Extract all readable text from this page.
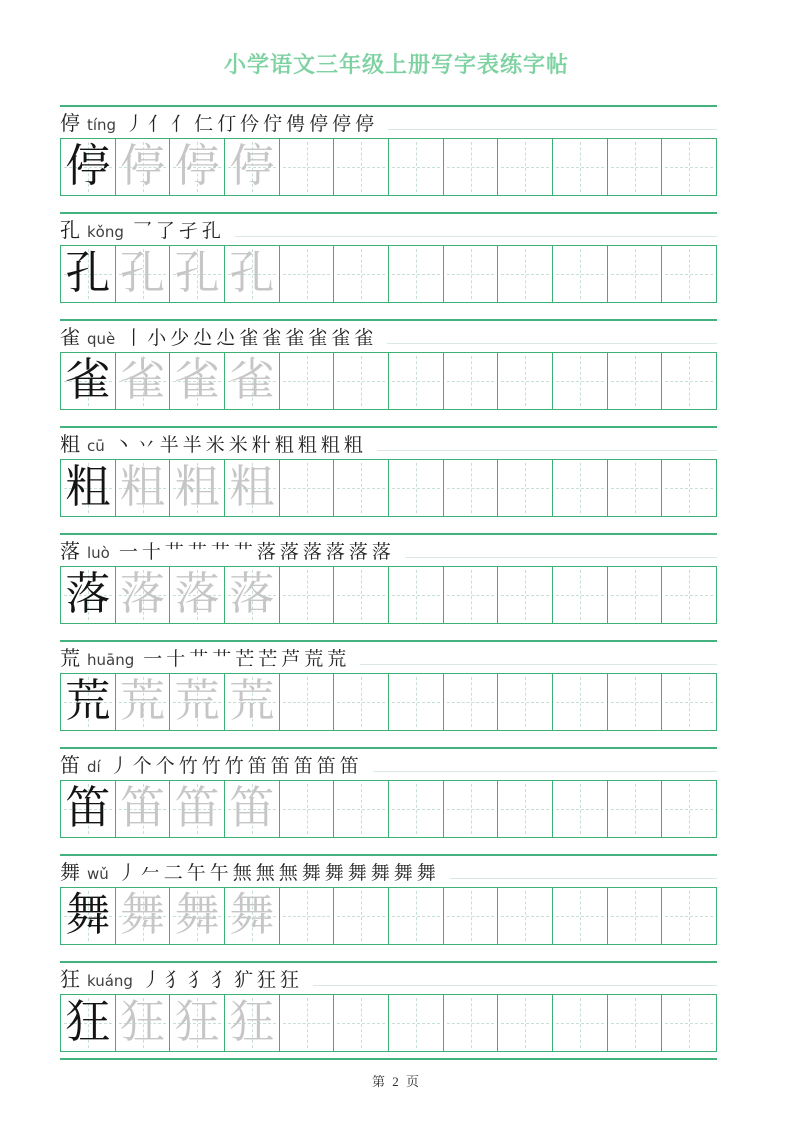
小学语文三年级上册写字表练字帖
停 tíng 丿亻亻仁仃仱佇俜停停停
停 停 停 停
孔 kǒng 乛了孑孔
孔 孔 孔 孔
雀 què 丨小少尐尐雀雀雀雀雀雀
雀 雀 雀 雀
粗 cū 丶丷半半米米籵粗粗粗粗
粗 粗 粗 粗
落 luò 一十艹艹艹艹落落落落落落
落 落 落 落
荒 huāng 一十艹艹芒芒芦荒荒
荒 荒 荒 荒
笛 dí 丿个个竹竹竹笛笛笛笛笛
笛 笛 笛 笛
舞 wǔ 丿𠂉二午午無無無舞舞舞舞舞舞
舞 舞 舞 舞
狂 kuáng 丿犭犭犭犷狂狂
狂 狂 狂 狂
第 2 页
